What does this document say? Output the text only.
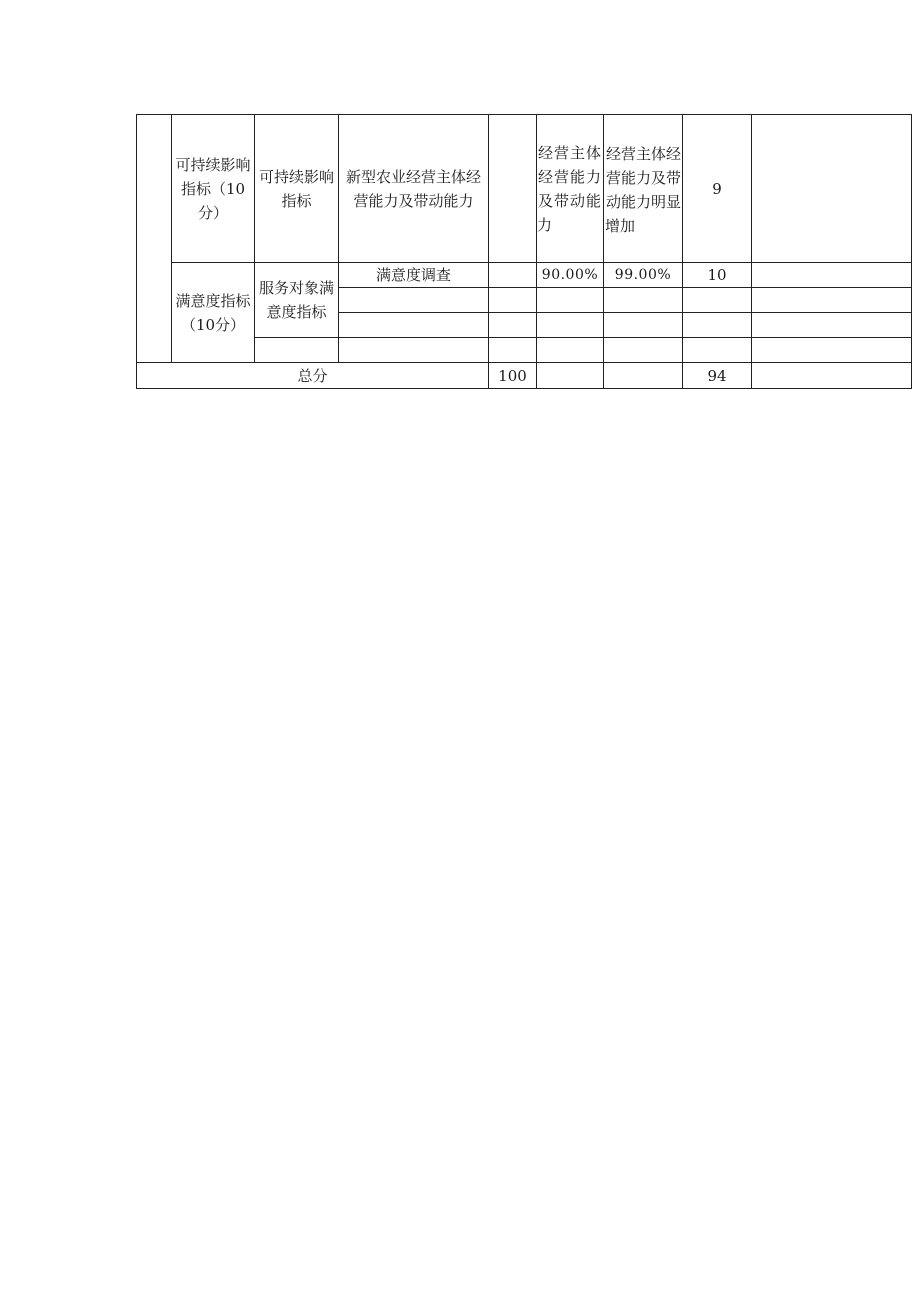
	可持续影响指标（10分）	可持续影响指标	新型农业经营主体经营能力及带动能力		经营主体经营能力及带动能力	经营主体经营能力及带动能力明显增加	9	
	满意度指标（10分）	服务对象满意度指标	满意度调查		90.00%	99.00%	10	

总分				100			94	
